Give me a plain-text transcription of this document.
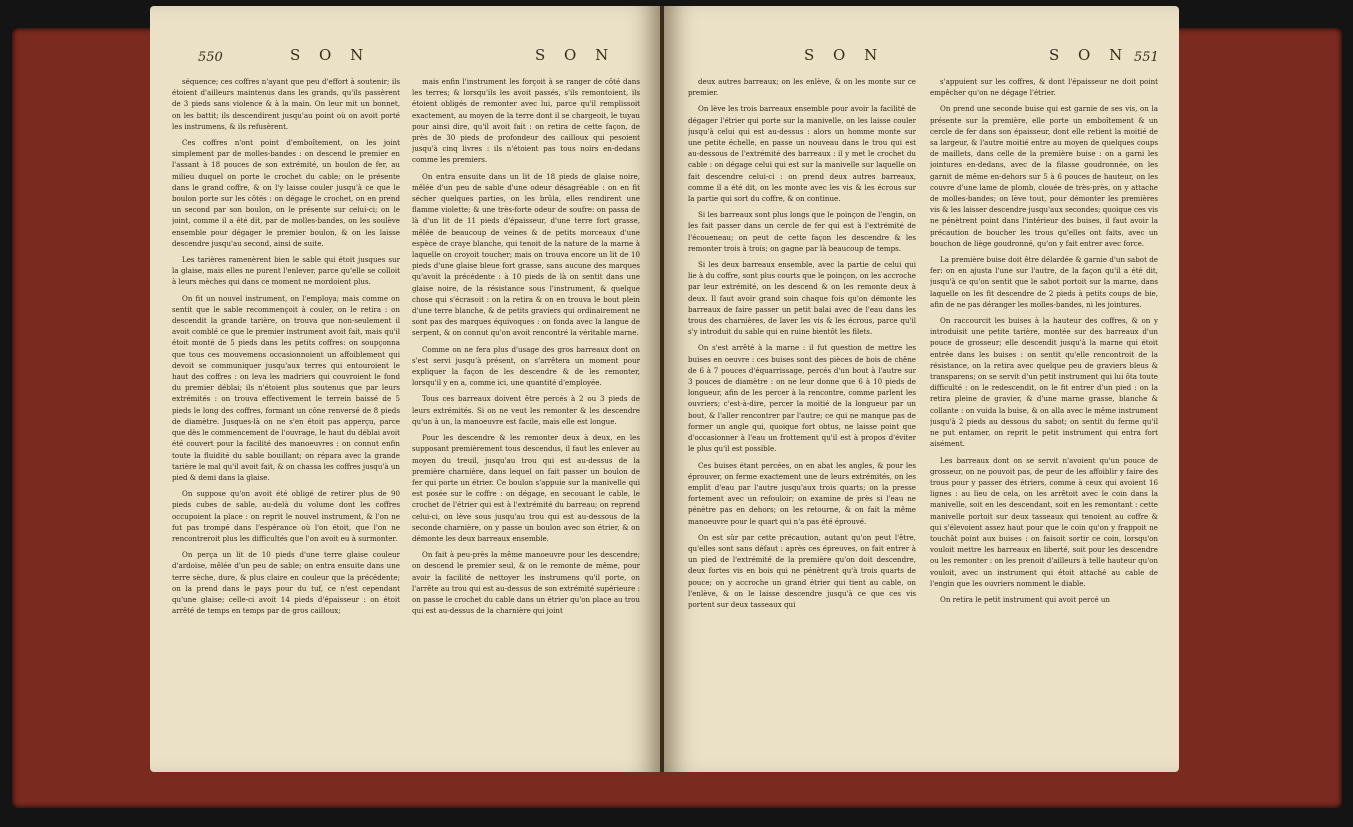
550	S O N	S O N

séquence; ces coffres n'ayant que peu d'effort à soutenir; ils étoient d'ailleurs maintenus dans les grands, qu'ils passèrent de 3 pieds sans violence & à la main. On leur mit un bonnet, on les battit; ils descendirent jusqu'au point où on avoit porté les instrumens, & ils refusèrent.

Ces coffres n'ont point d'emboîtement, on les joint simplement par de molles-bandes : on descend le premier en l'assant à 18 pouces de son extrémité, un boulon de fer, au milieu duquel on porte le crochet du cable; on le présente dans le grand coffre, & on l'y laisse couler jusqu'à ce que le boulon porte sur les côtés : on dégage le crochet, on en prend un second par son boulon, on le présente sur celui-ci; on le joint, comme il a été dit, par de molles-bandes, on les soulève ensemble pour dégager le premier boulon, & on les laisse descendre jusqu'au second, ainsi de suite.

Les tarières ramenèrent bien le sable qui étoit jusques sur la glaise, mais elles ne purent l'enlever, parce qu'elle se colloit à leurs mèches qui dans ce moment ne mordoient plus.

On fit un nouvel instrument, on l'employa; mais comme on sentit que le sable recommençoit à couler, on le retira : on descendit la grande tarière, on trouva que non-seulement il avoit comblé ce que le premier instrument avoit fait, mais qu'il étoit monté de 5 pieds dans les petits coffres: on soupçonna que tous ces mouvemens occasionnoient un affoiblement qui devoit se communiquer jusqu'aux terres qui entouroient le haut des coffres : on leva les madriers qui couvroient le fond du premier déblai; ils n'étoient plus soutenus que par leurs extrémités : on trouva effectivement le terrein baissé de 5 pieds le long des coffres, formant un cône renversé de 8 pieds de diamètre. Jusques-là on ne s'en étoit pas apperçu, parce que dès le commencement de l'ouvrage, le haut du déblai avoit été couvert pour la facilité des manoeuvres : on connut enfin toute la fluidité du sable bouillant; on répara avec la grande tarière le mal qu'il avoit fait, & on chassa les coffres jusqu'à un pied & demi dans la glaise.

On suppose qu'on avoit été obligé de retirer plus de 90 pieds cubes de sable, au-delà du volume dont les coffres occupoient la place : on reprit le nouvel instrument, & l'on ne fut pas trompé dans l'espérance où l'on étoit, que l'on ne rencontreroit plus les difficultés que l'on avoit eu à surmonter.

On perça un lit de 10 pieds d'une terre glaise couleur d'ardoise, mêlée d'un peu de sable; on entra ensuite dans une terre sèche, dure, & plus claire en couleur que la précédente; on la prend dans le pays pour du tuf, ce n'est cependant qu'une glaise; celle-ci avoit 14 pieds d'épaisseur : on étoit arrêté de temps en temps par de gros cailloux;

mais enfin l'instrument les forçoit à se ranger de côté dans les terres; & lorsqu'ils les avoit passés, s'ils remontoient, ils étoient obligés de remonter avec lui, parce qu'il remplissoit exactement, au moyen de la terre dont il se chargeoit, le tuyau pour ainsi dire, qu'il avoit fait : on retira de cette façon, de près de 30 pieds de profondeur des cailloux qui pesoient jusqu'à cinq livres : ils n'étoient pas tous noirs en-dedans comme les premiers.

On entra ensuite dans un lit de 18 pieds de glaise noire, mêlée d'un peu de sable d'une odeur désagréable : on en fit sécher quelques parties, on les brûla, elles rendirent une flamme violette; & une très-forte odeur de soufre: on passa de là d'un lit de 11 pieds d'épaisseur, d'une terre fort grasse, mêlée de beaucoup de veines & de petits morceaux d'une espèce de craye blanche, qui tenoit de la nature de la marne à laquelle on croyoit toucher; mais on trouva encore un lit de 10 pieds d'une glaise bleue fort grasse, sans aucune des marques qu'avoit la précédente : à 10 pieds de là on sentit dans une glaise noire, de la résistance sous l'instrument, & quelque chose qui s'écrasoit : on la retira & on en trouva le bout plein d'une terre blanche, & de petits graviers qui ordinairement ne sont pas des marques équivoques : on fonda avec la langue de serpent, & on connut qu'on avoit rencontré la véritable marne.

Comme on ne fera plus d'usage des gros barreaux dont on s'est servi jusqu'à présent, on s'arrêtera un moment pour expliquer la façon de les descendre & de les remonter, lorsqu'il y en a, comme ici, une quantité d'employée.

Tous ces barreaux doivent être percés à 2 ou 3 pieds de leurs extrémités. Si on ne veut les remonter & les descendre qu'un à un, la manoeuvre est facile, mais elle est longue.

Pour les descendre & les remonter deux à deux, en les supposant premièrement tous descendus, il faut les enlever au moyen du treuil, jusqu'au trou qui est au-dessus de la première charnière, dans lequel on fait passer un boulon de fer qui porte un étrier. Ce boulon s'appuie sur la manivelle qui est posée sur le coffre : on dégage, en secouant le cable, le crochet de l'étrier qui est à l'extrémité du barreau; on reprend celui-ci, on lève sous jusqu'au trou qui est au-dessous de la seconde charnière, on y passe un boulon avec son étrier, & on démonte les deux barreaux ensemble.

On fait à peu-près la même manoeuvre pour les descendre; on descend le premier seul, & on le remonte de même, pour avoir la facilité de nettoyer les instrumens qu'il porte, on l'arrête au trou qui est au-dessus de son extrémité supérieure : on passe le crochet du cable dans un étrier qu'on place au trou qui est au-dessus de la charnière qui joint

S O N	S O N 551

deux autres barreaux; on les enlève, & on les monte sur ce premier.

On lève les trois barreaux ensemble pour avoir la facilité de dégager l'étrier qui porte sur la manivelle, on les laisse couler jusqu'à celui qui est au-dessus : alors un homme monte sur une petite échelle, en passe un nouveau dans le trou qui est au-dessous de l'extrémité des barreaux : il y met le crochet du cable : on dégage celui qui est sur la manivelle sur laquelle on fait descendre celui-ci : on prend deux autres barreaux, comme il a été dit, on les monte avec les vis & les écrous sur la partie qui sort du coffre, & on continue.

Si les barreaux sont plus longs que le poinçon de l'engin, on les fait passer dans un cercle de fer qui est à l'extrémité de l'écoueneau; on peut de cette façon les descendre & les remonter trois à trois; on gagne par là beaucoup de temps.

Si les deux barreaux ensemble, avec la partie de celui qui lie à du coffre, sont plus courts que le poinçon, on les accroche par leur extrémité, on les descend & on les remonte deux à deux. Il faut avoir grand soin chaque fois qu'on démonte les barreaux de faire passer un petit balai avec de l'eau dans les trous des charnières, de laver les vis & les écrous, parce qu'il s'y introduit du sable qui en ruine bientôt les filets.

On s'est arrêté à la marne : il fut question de mettre les buises en oeuvre : ces buises sont des pièces de bois de chêne de 6 à 7 pouces d'équarrissage, percés d'un bout à l'autre sur 3 pouces de diamètre : on ne leur donne que 6 à 10 pieds de longueur, afin de les percer à la rencontre, comme parlent les ouvriers; c'est-à-dire, percer la moitié de la longueur par un bout, & l'aller rencontrer par l'autre; ce qui ne manque pas de former un angle qui, quoique fort obtus, ne laisse point que d'occasionner à l'eau un frottement qu'il est à propos d'éviter le plus qu'il est possible.

Ces buises étant percées, on en abat les angles, & pour les éprouver, on ferme exactement une de leurs extrémités, on les emplit d'eau par l'autre jusqu'aux trois quarts; on la presse fortement avec un refouloir; on examine de près si l'eau ne pénètre pas en dehors; on les retourne, & on fait la même manoeuvre pour le quart qui n'a pas été éprouvé.

On est sûr par cette précaution, autant qu'on peut l'être, qu'elles sont sans défaut : après ces épreuves, on fait entrer à un pied de l'extrémité de la première qu'on doit descendre, deux fortes vis en bois qui ne pénètrent qu'à trois quarts de pouce; on y accroche un grand étrier qui tient au cable, on l'enlève, & on le laisse descendre jusqu'à ce que ces vis portent sur deux tasseaux qui

s'appuient sur les coffres, & dont l'épaisseur ne doit point empêcher qu'on ne dégage l'étrier.

On prend une seconde buise qui est garnie de ses vis, on la présente sur la première, elle porte un emboîtement & un cercle de fer dans son épaisseur, dont elle retient la moitié de sa largeur, & l'autre moitié entre au moyen de quelques coups de maillets, dans celle de la première buise : on a garni les jointures en-dedans, avec de la filasse goudronnée, on les garnit de même en-dehors sur 5 à 6 pouces de hauteur, on les couvre d'une lame de plomb, clouée de très-près, on y attache de molles-bandes; on lève tout, pour démonter les premières vis & les laisser descendre jusqu'aux secondes; quoique ces vis ne pénètrent point dans l'intérieur des buises, il faut avoir la précaution de boucher les trous qu'elles ont faits, avec un bouchon de liège goudronné, qu'on y fait entrer avec force.

La première buise doit être délardée & garnie d'un sabot de fer: on en ajusta l'une sur l'autre, de la façon qu'il a été dit, jusqu'à ce qu'on sentit que le sabot portoit sur la marne, dans laquelle on les fit descendre de 2 pieds à petits coups de bie, afin de ne pas déranger les molles-bandes, ni les jointures.

On raccourcit les buises à la hauteur des coffres, & on y introduisit une petite tarière, montée sur des barreaux d'un pouce de grosseur; elle descendit jusqu'à la marne qui étoit entrée dans les buises : on sentit qu'elle rencontroit de la résistance, on la retira avec quelque peu de graviers bleus & transparens; on se servit d'un petit instrument qui lui ôta toute difficulté : on le redescendit, on le fit entrer d'un pied : on la retira pleine de gravier, & d'une marne grasse, blanche & collante : on vuida la buise, & on alla avec le même instrument jusqu'à 2 pieds au dessous du sabot; on sentit du ferme qu'il ne put entamer, on reprit le petit instrument qui entra fort aisément.

Les barreaux dont on se servit n'avoient qu'un pouce de grosseur, on ne pouvoit pas, de peur de les affoiblir y faire des trous pour y passer des étriers, comme à ceux qui avoient 16 lignes : au lieu de cela, on les arrêtoit avec le coin dans la manivelle, soit en les descendant, soit en les remontant : cette manivelle portoit sur deux tasseaux qui tenoient au coffre & qui s'élevoient assez haut pour que le coin qu'on y frappoit ne touchât point aux buises : on faisoit sortir ce coin, lorsqu'on vouloit mettre les barreaux en liberté, soit pour les descendre ou les remonter : on les prenoit d'ailleurs à telle hauteur qu'on vouloit, avec un instrument qui étoit attaché au cable de l'engin que les ouvriers nomment le diable.

On retira le petit instrument qui avoit percé un
